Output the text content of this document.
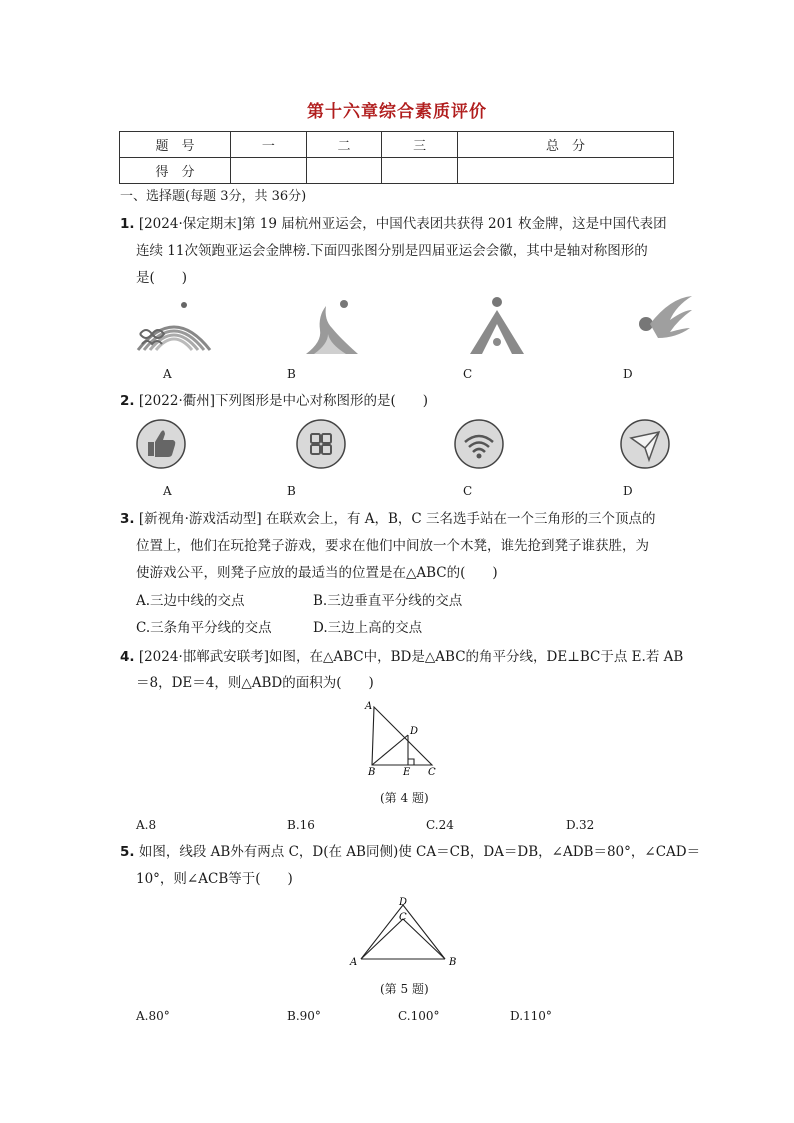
第十六章综合素质评价
题　号	一	二	三	总　分
得　分				
一、选择题(每题 3分，共 36分)
1. [2024·保定期末]第 19 届杭州亚运会，中国代表团共获得 201 枚金牌，这是中国代表团
连续 11次领跑亚运会金牌榜.下面四张图分别是四届亚运会会徽，其中是轴对称图形的
是(　　)
A	B	C	D
2. [2022·衢州]下列图形是中心对称图形的是(　　)
A	B	C	D
3. [新视角·游戏活动型] 在联欢会上，有 A，B，C 三名选手站在一个三角形的三个顶点的
位置上，他们在玩抢凳子游戏，要求在他们中间放一个木凳，谁先抢到凳子谁获胜，为
使游戏公平，则凳子应放的最适当的位置是在△ABC的(　　)
A.三边中线的交点	B.三边垂直平分线的交点
C.三条角平分线的交点	D.三边上高的交点
4. [2024·邯郸武安联考]如图，在△ABC中，BD是△ABC的角平分线，DE⊥BC于点 E.若 AB
＝8，DE＝4，则△ABD的面积为(　　)
A
D
B	E C
(第 4 题)
A.8	B.16	C.24	D.32
5. 如图，线段 AB外有两点 C，D(在 AB同侧)使 CA＝CB，DA＝DB，∠ADB＝80°，∠CAD＝
10°，则∠ACB等于(　　)
D
C
A	B
(第 5 题)
A.80°	B.90°	C.100°	D.110°
